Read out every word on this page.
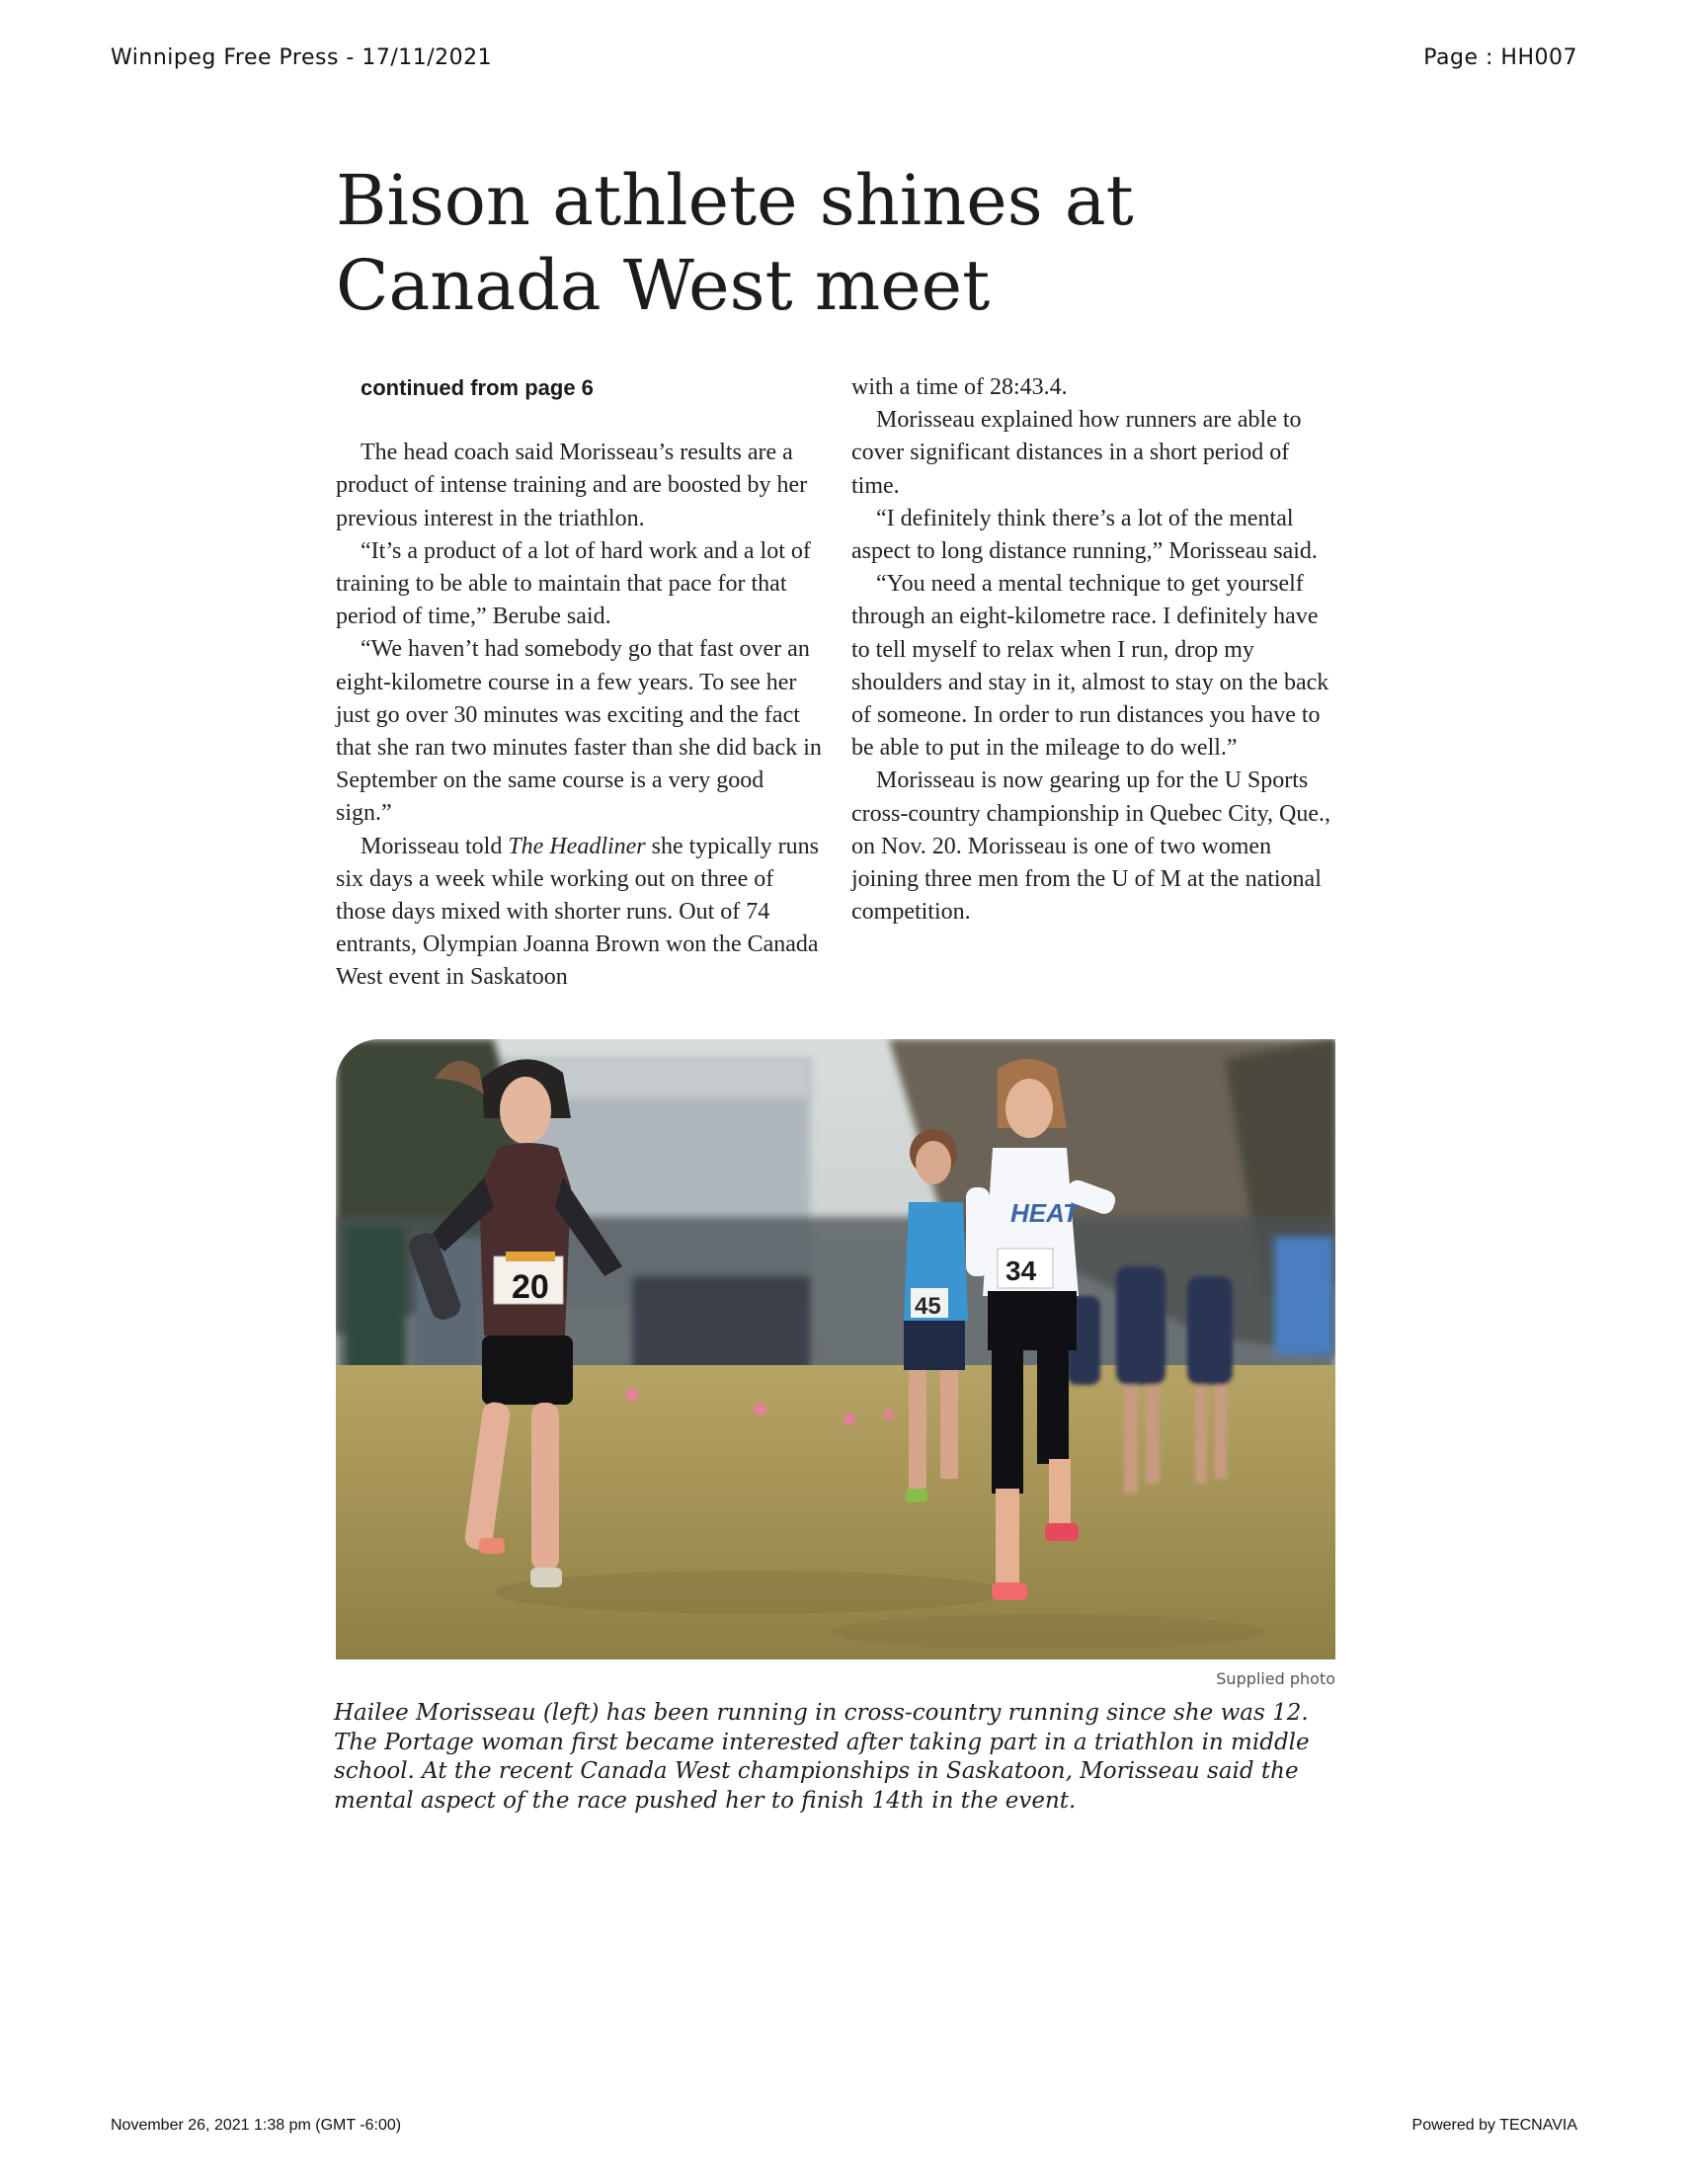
Winnipeg Free Press - 17/11/2021	Page : HH007
Bison athlete shines at
Canada West meet

continued from page 6

The head coach said Morisseau’s results are a product of intense training and are boosted by her previous interest in the triathlon.

“It’s a product of a lot of hard work and a lot of training to be able to maintain that pace for that period of time,” Berube said.

“We haven’t had somebody go that fast over an eight-kilometre course in a few years. To see her just go over 30 minutes was exciting and the fact that she ran two minutes faster than she did back in September on the same course is a very good sign.”

Morisseau told The Headliner she typically runs six days a week while working out on three of those days mixed with shorter runs. Out of 74 entrants, Olympian Joanna Brown won the Canada West event in Saskatoon

with a time of 28:43.4.

Morisseau explained how runners are able to cover significant distances in a short period of time.

“I definitely think there’s a lot of the mental aspect to long distance running,” Morisseau said.

“You need a mental technique to get yourself through an eight-kilometre race. I definitely have to tell myself to relax when I run, drop my shoulders and stay in it, almost to stay on the back of someone. In order to run distances you have to be able to put in the mileage to do well.”

Morisseau is now gearing up for the U Sports cross-country championship in Quebec City, Que., on Nov. 20. Morisseau is one of two women joining three men from the U of M at the national competition.

HEAT
20
45
34
Supplied photo

Hailee Morisseau (left) has been running in cross-country running since she was 12. The Portage woman first became interested after taking part in a triathlon in middle school. At the recent Canada West championships in Saskatoon, Morisseau said the mental aspect of the race pushed her to finish 14th in the event.

November 26, 2021 1:38 pm (GMT -6:00)	Powered by TECNAVIA
